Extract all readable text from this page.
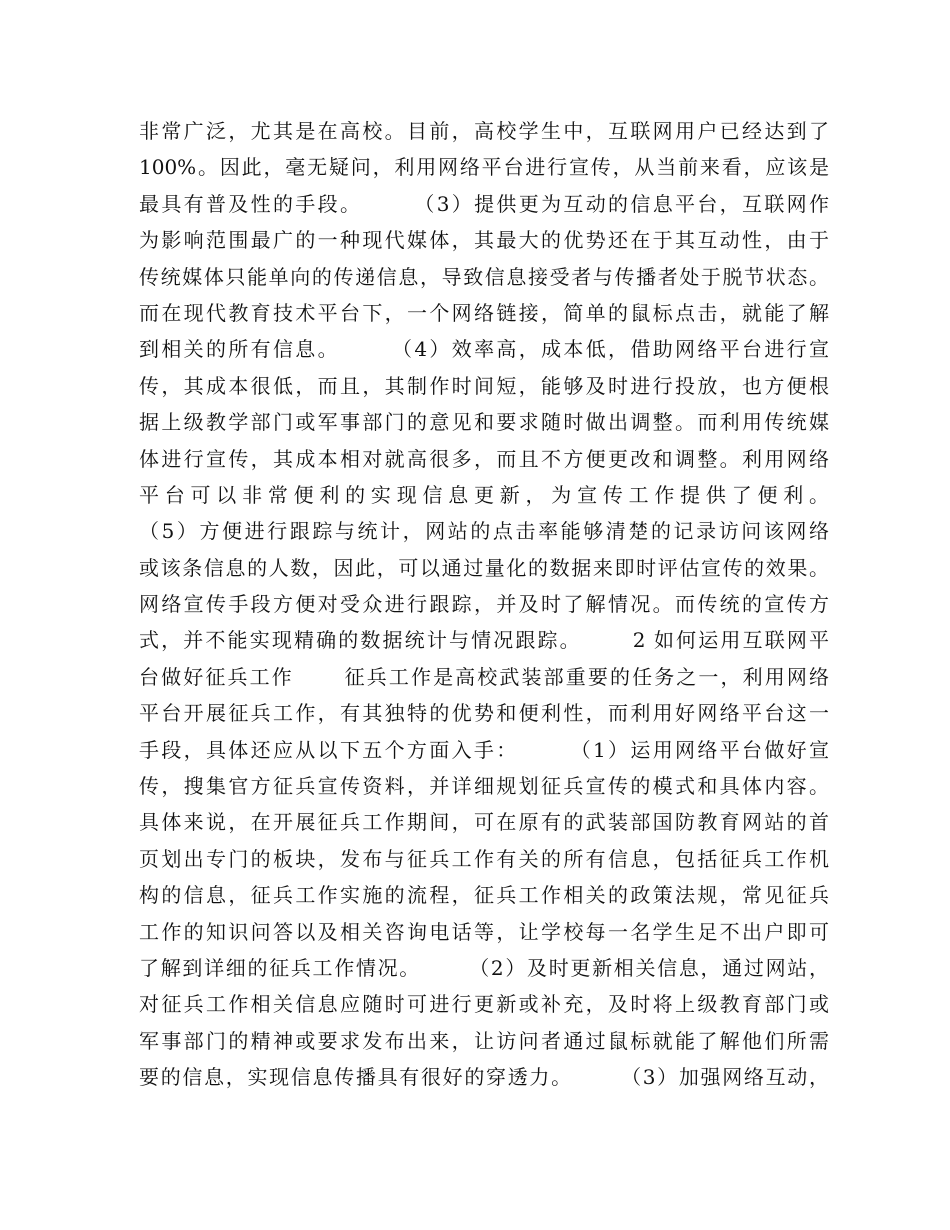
非常广泛，尤其是在高校。目前，高校学生中，互联网用户已经达到了
100%。因此，毫无疑问，利用网络平台进行宣传，从当前来看，应该是
最具有普及性的手段。      （3）提供更为互动的信息平台，互联网作
为影响范围最广的一种现代媒体，其最大的优势还在于其互动性，由于
传统媒体只能单向的传递信息，导致信息接受者与传播者处于脱节状态。
而在现代教育技术平台下，一个网络链接，简单的鼠标点击，就能了解
到相关的所有信息。      （4）效率高，成本低，借助网络平台进行宣
传，其成本很低，而且，其制作时间短，能够及时进行投放，也方便根
据上级教学部门或军事部门的意见和要求随时做出调整。而利用传统媒
体进行宣传，其成本相对就高很多，而且不方便更改和调整。利用网络
平台可以非常便利的实现信息更新，为宣传工作提供了便利。
（5）方便进行跟踪与统计，网站的点击率能够清楚的记录访问该网络
或该条信息的人数，因此，可以通过量化的数据来即时评估宣传的效果。
网络宣传手段方便对受众进行跟踪，并及时了解情况。而传统的宣传方
式，并不能实现精确的数据统计与情况跟踪。      2 如何运用互联网平
台做好征兵工作      征兵工作是高校武装部重要的任务之一，利用网络
平台开展征兵工作，有其独特的优势和便利性，而利用好网络平台这一
手段，具体还应从以下五个方面入手：      （1）运用网络平台做好宣
传，搜集官方征兵宣传资料，并详细规划征兵宣传的模式和具体内容。
具体来说，在开展征兵工作期间，可在原有的武装部国防教育网站的首
页划出专门的板块，发布与征兵工作有关的所有信息，包括征兵工作机
构的信息，征兵工作实施的流程，征兵工作相关的政策法规，常见征兵
工作的知识问答以及相关咨询电话等，让学校每一名学生足不出户即可
了解到详细的征兵工作情况。      （2）及时更新相关信息，通过网站，
对征兵工作相关信息应随时可进行更新或补充，及时将上级教育部门或
军事部门的精神或要求发布出来，让访问者通过鼠标就能了解他们所需
要的信息，实现信息传播具有很好的穿透力。      （3）加强网络互动，
